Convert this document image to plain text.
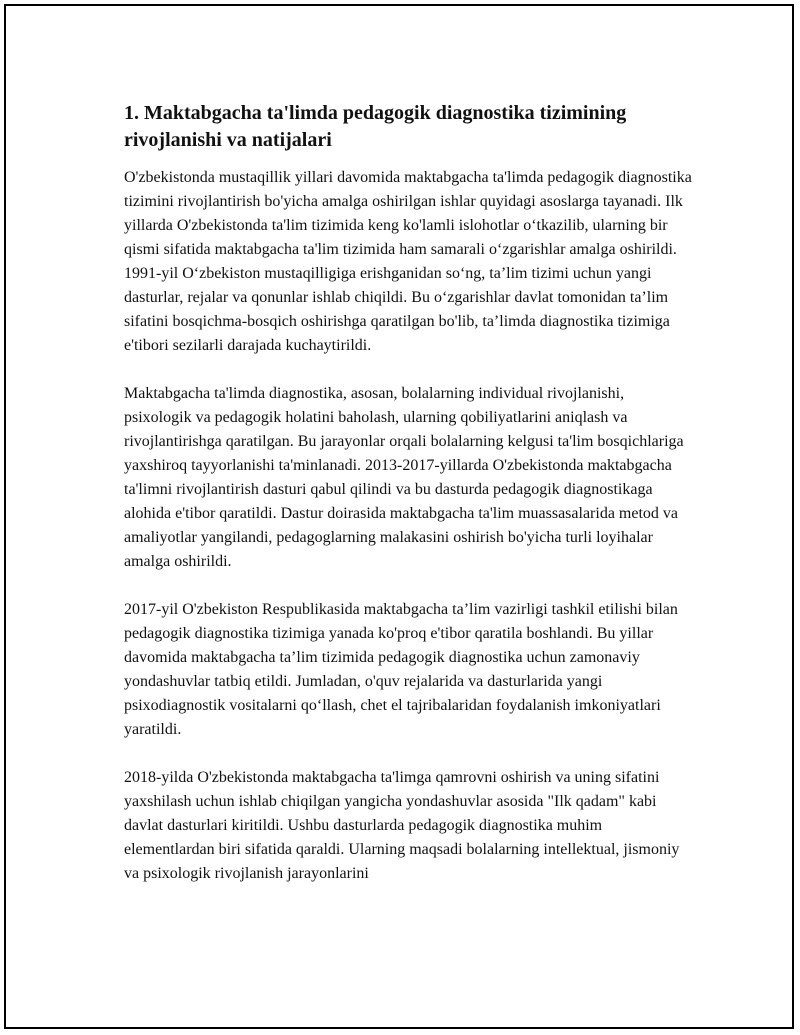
1. Maktabgacha ta'limda pedagogik diagnostika tizimining rivojlanishi va natijalari

O'zbekistonda mustaqillik yillari davomida maktabgacha ta'limda pedagogik diagnostika tizimini rivojlantirish bo'yicha amalga oshirilgan ishlar quyidagi asoslarga tayanadi. Ilk yillarda O'zbekistonda ta'lim tizimida keng ko'lamli islohotlar o‘tkazilib, ularning bir qismi sifatida maktabgacha ta'lim tizimida ham samarali o‘zgarishlar amalga oshirildi. 1991-yil O‘zbekiston mustaqilligiga erishganidan so‘ng, ta’lim tizimi uchun yangi dasturlar, rejalar va qonunlar ishlab chiqildi. Bu o‘zgarishlar davlat tomonidan ta’lim sifatini bosqichma-bosqich oshirishga qaratilgan bo'lib, ta’limda diagnostika tizimiga e'tibori sezilarli darajada kuchaytirildi.

Maktabgacha ta'limda diagnostika, asosan, bolalarning individual rivojlanishi, psixologik va pedagogik holatini baholash, ularning qobiliyatlarini aniqlash va rivojlantirishga qaratilgan. Bu jarayonlar orqali bolalarning kelgusi ta'lim bosqichlariga yaxshiroq tayyorlanishi ta'minlanadi. 2013-2017-yillarda O'zbekistonda maktabgacha ta'limni rivojlantirish dasturi qabul qilindi va bu dasturda pedagogik diagnostikaga alohida e'tibor qaratildi. Dastur doirasida maktabgacha ta'lim muassasalarida metod va amaliyotlar yangilandi, pedagoglarning malakasini oshirish bo'yicha turli loyihalar amalga oshirildi.

2017-yil O'zbekiston Respublikasida maktabgacha ta’lim vazirligi tashkil etilishi bilan pedagogik diagnostika tizimiga yanada ko'proq e'tibor qaratila boshlandi. Bu yillar davomida maktabgacha ta’lim tizimida pedagogik diagnostika uchun zamonaviy yondashuvlar tatbiq etildi. Jumladan, o'quv rejalarida va dasturlarida yangi psixodiagnostik vositalarni qo‘llash, chet el tajribalaridan foydalanish imkoniyatlari yaratildi.

2018-yilda O'zbekistonda maktabgacha ta'limga qamrovni oshirish va uning sifatini yaxshilash uchun ishlab chiqilgan yangicha yondashuvlar asosida "Ilk qadam" kabi davlat dasturlari kiritildi. Ushbu dasturlarda pedagogik diagnostika muhim elementlardan biri sifatida qaraldi. Ularning maqsadi bolalarning intellektual, jismoniy va psixologik rivojlanish jarayonlarini
